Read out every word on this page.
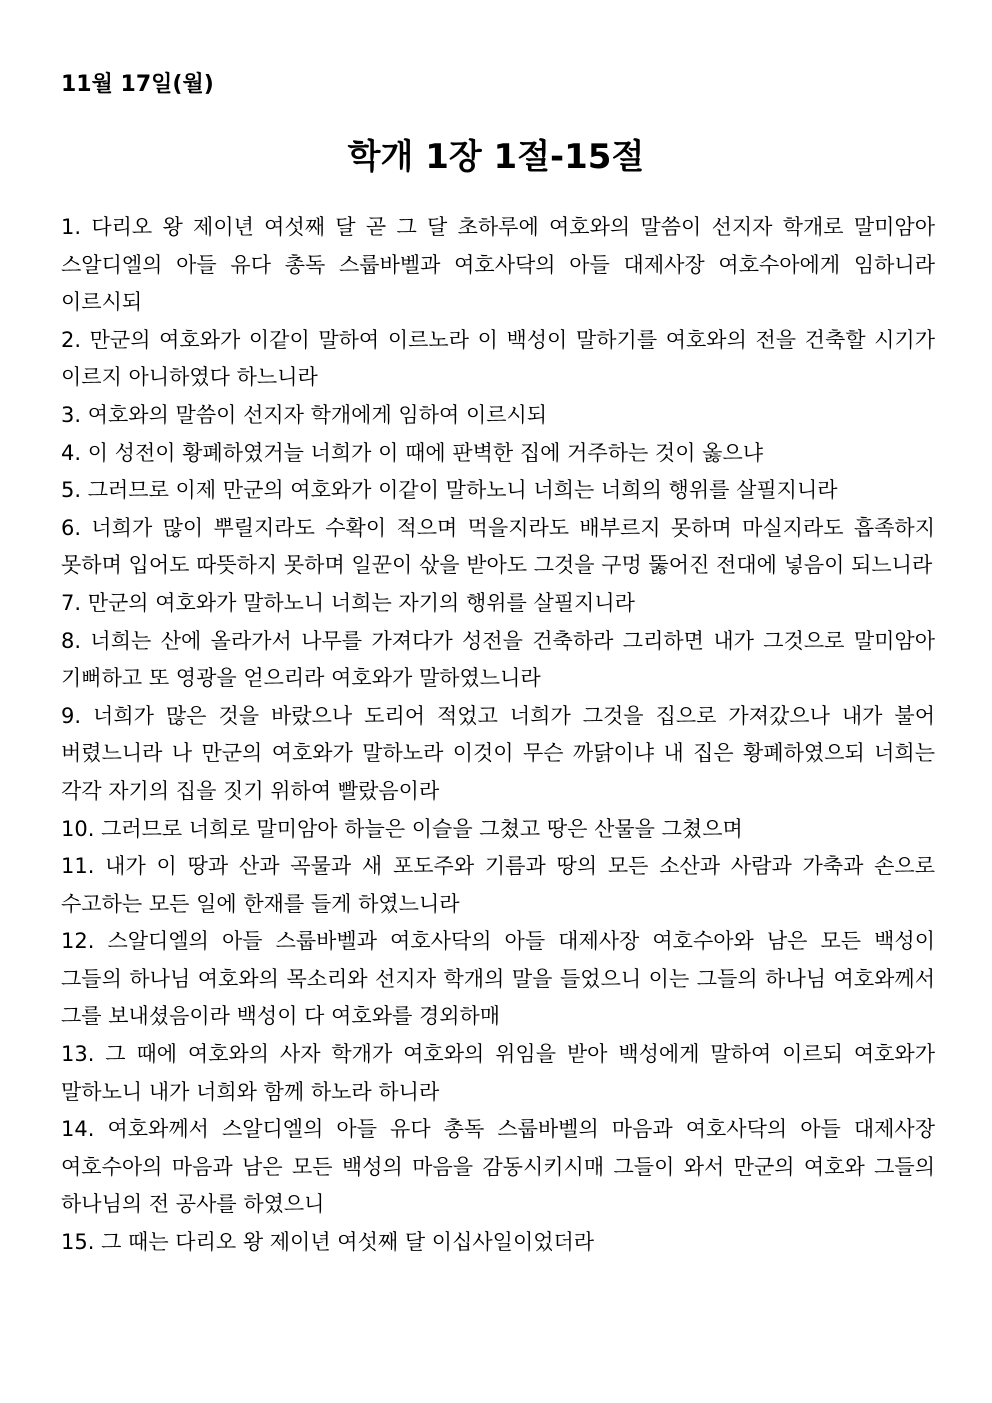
11월 17일(월)
학개 1장 1절-15절

1. 다리오 왕 제이년 여섯째 달 곧 그 달 초하루에 여호와의 말씀이 선지자 학개로 말미암아 스알디엘의 아들 유다 총독 스룹바벨과 여호사닥의 아들 대제사장 여호수아에게 임하니라 이르시되

2. 만군의 여호와가 이같이 말하여 이르노라 이 백성이 말하기를 여호와의 전을 건축할 시기가 이르지 아니하였다 하느니라

3. 여호와의 말씀이 선지자 학개에게 임하여 이르시되

4. 이 성전이 황폐하였거늘 너희가 이 때에 판벽한 집에 거주하는 것이 옳으냐

5. 그러므로 이제 만군의 여호와가 이같이 말하노니 너희는 너희의 행위를 살필지니라

6. 너희가 많이 뿌릴지라도 수확이 적으며 먹을지라도 배부르지 못하며 마실지라도 흡족하지 못하며 입어도 따뜻하지 못하며 일꾼이 삯을 받아도 그것을 구멍 뚫어진 전대에 넣음이 되느니라

7. 만군의 여호와가 말하노니 너희는 자기의 행위를 살필지니라

8. 너희는 산에 올라가서 나무를 가져다가 성전을 건축하라 그리하면 내가 그것으로 말미암아 기뻐하고 또 영광을 얻으리라 여호와가 말하였느니라

9. 너희가 많은 것을 바랐으나 도리어 적었고 너희가 그것을 집으로 가져갔으나 내가 불어 버렸느니라 나 만군의 여호와가 말하노라 이것이 무슨 까닭이냐 내 집은 황폐하였으되 너희는 각각 자기의 집을 짓기 위하여 빨랐음이라

10. 그러므로 너희로 말미암아 하늘은 이슬을 그쳤고 땅은 산물을 그쳤으며

11. 내가 이 땅과 산과 곡물과 새 포도주와 기름과 땅의 모든 소산과 사람과 가축과 손으로 수고하는 모든 일에 한재를 들게 하였느니라

12. 스알디엘의 아들 스룹바벨과 여호사닥의 아들 대제사장 여호수아와 남은 모든 백성이 그들의 하나님 여호와의 목소리와 선지자 학개의 말을 들었으니 이는 그들의 하나님 여호와께서 그를 보내셨음이라 백성이 다 여호와를 경외하매

13. 그 때에 여호와의 사자 학개가 여호와의 위임을 받아 백성에게 말하여 이르되 여호와가 말하노니 내가 너희와 함께 하노라 하니라

14. 여호와께서 스알디엘의 아들 유다 총독 스룹바벨의 마음과 여호사닥의 아들 대제사장 여호수아의 마음과 남은 모든 백성의 마음을 감동시키시매 그들이 와서 만군의 여호와 그들의 하나님의 전 공사를 하였으니

15. 그 때는 다리오 왕 제이년 여섯째 달 이십사일이었더라
